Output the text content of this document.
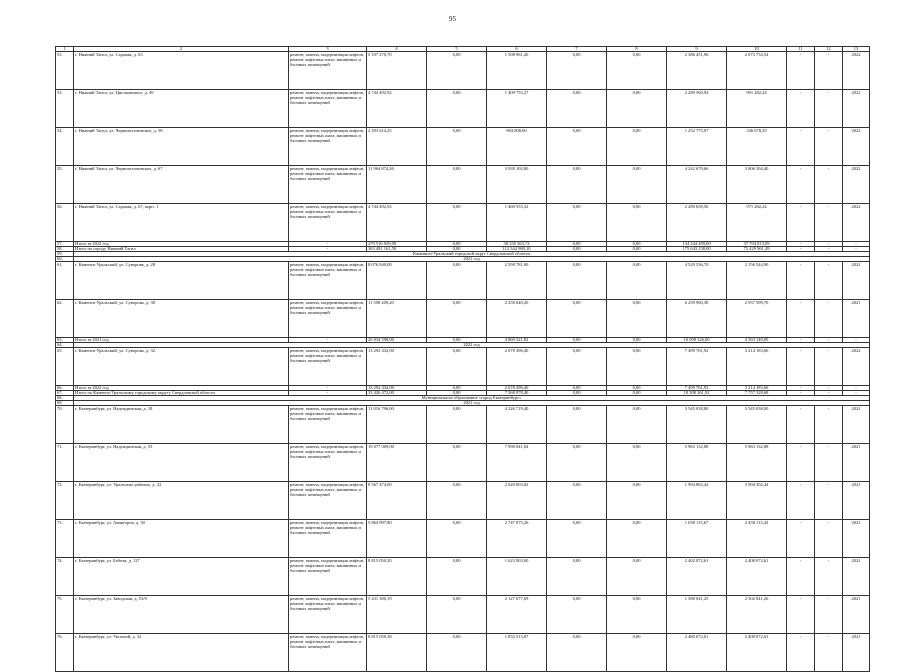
95
1	2	3	4	5	6	7	8	9	10	11	12	13
53.	г. Нижний Тагил, ул. Садовая, д. 63	ремонт, замена, модернизация лифтов, ремонт лифтовых шахт, машинных и блочных помещений	5 107 270,70	0,00	1 508 961,20	0,00	0,00	2 386 451,96	2 673 754,54	-	-	2022
53.	г. Нижний Тагил, ул. Циолковского, д. 49	ремонт, замена, модернизация лифтов, ремонт лифтовых шахт, машинных и блочных помещений	4 744 492,92	0,00	1 409 753,27	0,00	0,00	2 289 560,94	991 282,24	-	-	2022
54.	г. Нижний Тагил, ул. Черноисточинское, д. 58	ремонт, замена, модернизация лифтов, ремонт лифтовых шахт, машинных и блочных помещений	2 393 614,25	0,00	804 808,60	0,00	0,00	1 252 775,97	336 078,29	-	-	2022
55.	г. Нижний Тагил, ул. Черноисточинское, д. 67	ремонт, замена, модернизация лифтов, ремонт лифтовых шахт, машинных и блочных помещений	11 964 874,26	0,00	3 939 102,80	0,00	0,00	4 242 679,66	3 806 394,40	-	-	2022
56.	г. Нижний Тагил, ул. Садовая, д. 67, корп. 1	ремонт, замена, модернизация лифтов, ремонт лифтовых шахт, машинных и блочных помещений	4 744 492,92	0,00	1 469 553,32	0,00	0,00	2 289 658,56	971 282,24	-	-	2022
57.	Итого за 2022 год	-	279 516 929,09	0,00	30 235 363,72	0,00	0,00	134 244 499,00	37 704 813,09	-	-	-
58.	Итого по городу Нижний Тагил	-	363 481 161,50	0,00	112 344 980,10	0,00	0,00	175 643 238,00	75 429 961,49	-	-	-
59.	Камышло-Уральский городской округ Свердловской области											
60.	2021 год											
61.	г. Каменск-Уральский, ул. Суворова, д. 28	ремонт, замена, модернизация лифтов, ремонт лифтовых шахт, машинных и блочных помещений	8 076 840,00	0,00	2 958 781,00	0,00	0,00	4 529 536,70	2 156 544,90	-	-	2021
62.	г. Каменск-Уральский, ул. Суворова, д. 30	ремонт, замена, модернизация лифтов, ремонт лифтовых шахт, машинных и блочных помещений	11 598 209,20	0,00	2 259 640,20	0,00	0,00	6 259 960,38	2 937 599,70	-	-	2021
63.	Итого за 2021 год	-	20 034 598,00	0,00	4 869 321,82	0,00	0,00	10 098 326,00	4 563 140,00	-	-	-
64.	2022 год											
65.	г. Каменск-Уральский, ул. Суворова, д. 32	ремонт, замена, модернизация лифтов, ремонт лифтовых шахт, машинных и блочных помещений	13 292 432,00	0,00	2 678 496,40	0,00	0,00	7 499 761,92	3 214 183,66	-	-	2022
66.	Итого за 2022 год	-	13 292 432,00	0,00	2 678 496,40	0,00	0,00	7 499 761,92	3 214 183,66	-	-	-
67.	Итого по Каменск-Уральскому городскому округу Свердловской области	-	33 426 472,00	0,00	7 568 978,40	0,00	0,00	18 308 261,92	7 757 328,68	-	-	-
68.	Муниципальное образование «город Екатеринбург»											
69.	2021 год											
70.	г. Екатеринбург, ул. Надеждинская, д. 18	ремонт, замена, модернизация лифтов, ремонт лифтовых шахт, машинных и блочных помещений	11 016 796,00	0,00	4 326 719,40	0,00	0,00	3 545 038,80	3 545 038,00	-	-	2021
71.	г. Екатеринбург, ул. Надеждинская, д. 53	ремонт, замена, модернизация лифтов, ремонт лифтовых шахт, машинных и блочных помещений	19 077 009,00	0,00	7 990 041,04	0,00	0,00	5 963 132,88	5 963 132,88	-	-	2021
72.	г. Екатеринбург, ул. Уральских рабочих, д. 32	ремонт, замена, модернизация лифтов, ремонт лифтовых шахт, машинных и блочных помещений	8 567 474,00	0,00	2 620 003,02	0,00	0,00	1 994 802,44	3 994 302,44	-	-	2021
73.	г. Екатеринбург, ул. Авиаторов, д. 30	ремонт, замена, модернизация лифтов, ремонт лифтовых шахт, машинных и блочных помещений	5 864 997,80	0,00	2 747 075,26	0,00	0,00	1 038 115,67	2 458 113,43	-	-	2021
74.	г. Екатеринбург, ул. Бебеля, д. 127	ремонт, замена, модернизация лифтов, ремонт лифтовых шахт, машинных и блочных помещений	8 815 050,20	0,00	1 623 903,00	0,00	0,00	2 402 072,61	2 408 072,61	-	-	2021
75.	г. Екатеринбург, ул. Заводская, д. 53/9	ремонт, замена, модернизация лифтов, ремонт лифтовых шахт, машинных и блочных помещений	5 431 300,19	0,00	2 127 677,69	0,00	0,00	1 588 041,25	2 502 041,26	-	-	2021
76.	г. Екатеринбург, ул. Уютовой, д. 32	ремонт, замена, модернизация лифтов, ремонт лифтовых шахт, машинных и блочных помещений	8 815 050,38	0,00	1 853 513,87	0,00	0,00	2 480 072,61	2 408 072,61	-	-	2021
